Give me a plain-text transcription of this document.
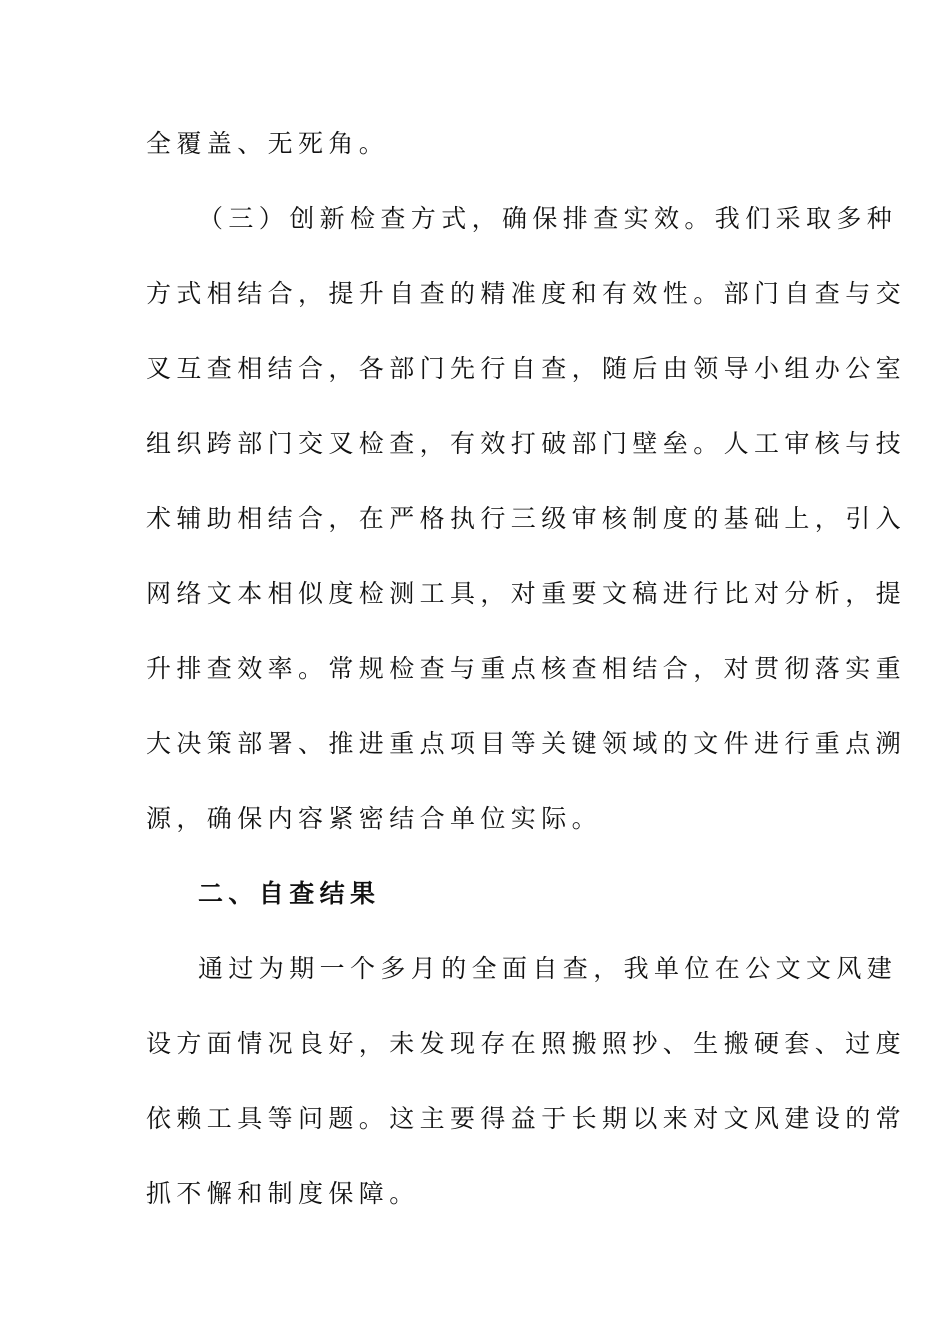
全覆盖、无死角。
（三）创新检查方式，确保排查实效。我们采取多种
方式相结合，提升自查的精准度和有效性。部门自查与交
叉互查相结合，各部门先行自查，随后由领导小组办公室
组织跨部门交叉检查，有效打破部门壁垒。人工审核与技
术辅助相结合，在严格执行三级审核制度的基础上，引入
网络文本相似度检测工具，对重要文稿进行比对分析，提
升排查效率。常规检查与重点核查相结合，对贯彻落实重
大决策部署、推进重点项目等关键领域的文件进行重点溯
源，确保内容紧密结合单位实际。
二、自查结果
通过为期一个多月的全面自查，我单位在公文文风建
设方面情况良好，未发现存在照搬照抄、生搬硬套、过度
依赖工具等问题。这主要得益于长期以来对文风建设的常
抓不懈和制度保障。
